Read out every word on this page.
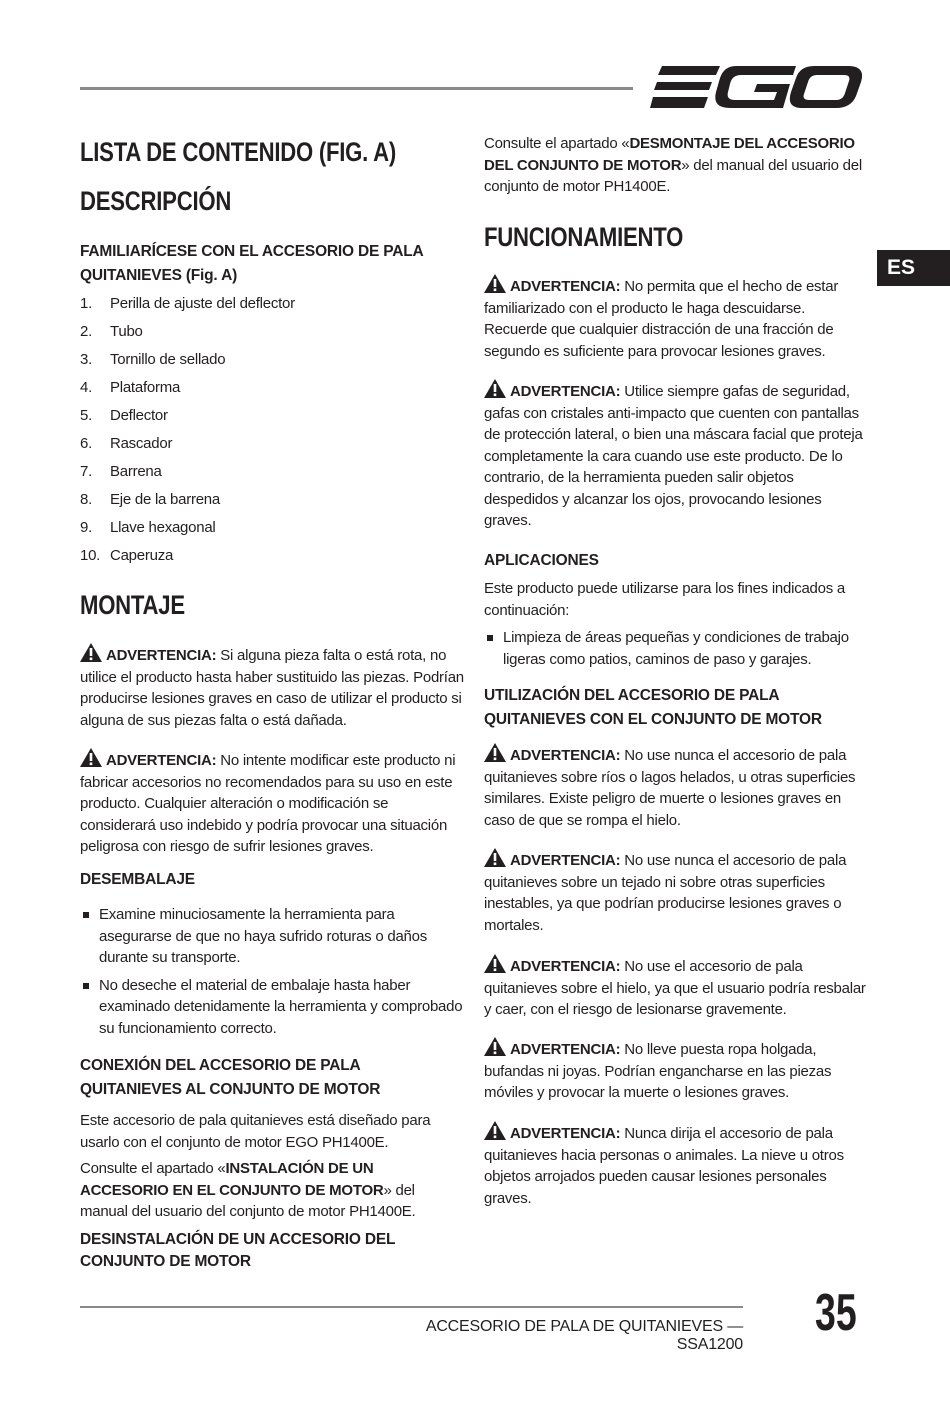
ES
LISTA DE CONTENIDO (FIG. A)
DESCRIPCIÓN
FAMILIARÍCESE CON EL ACCESORIO DE PALA QUITANIEVES (Fig. A)
1. Perilla de ajuste del deflector
2. Tubo
3. Tornillo de sellado
4. Plataforma
5. Deflector
6. Rascador
7. Barrena
8. Eje de la barrena
9. Llave hexagonal
10. Caperuza
MONTAJE
ADVERTENCIA: Si alguna pieza falta o está rota, no utilice el producto hasta haber sustituido las piezas. Podrían producirse lesiones graves en caso de utilizar el producto si alguna de sus piezas falta o está dañada.
ADVERTENCIA: No intente modificar este producto ni fabricar accesorios no recomendados para su uso en este producto. Cualquier alteración o modificación se considerará uso indebido y podría provocar una situación peligrosa con riesgo de sufrir lesiones graves.
DESEMBALAJE
Examine minuciosamente la herramienta para asegurarse de que no haya sufrido roturas o daños durante su transporte.
No deseche el material de embalaje hasta haber examinado detenidamente la herramienta y comprobado su funcionamiento correcto.
CONEXIÓN DEL ACCESORIO DE PALA QUITANIEVES AL CONJUNTO DE MOTOR
Este accesorio de pala quitanieves está diseñado para usarlo con el conjunto de motor EGO PH1400E.
Consulte el apartado «INSTALACIÓN DE UN ACCESORIO EN EL CONJUNTO DE MOTOR» del manual del usuario del conjunto de motor PH1400E.
DESINSTALACIÓN DE UN ACCESORIO DEL CONJUNTO DE MOTOR
Consulte el apartado «DESMONTAJE DEL ACCESORIO DEL CONJUNTO DE MOTOR» del manual del usuario del conjunto de motor PH1400E.
FUNCIONAMIENTO
ADVERTENCIA: No permita que el hecho de estar familiarizado con el producto le haga descuidarse. Recuerde que cualquier distracción de una fracción de segundo es suficiente para provocar lesiones graves.
ADVERTENCIA: Utilice siempre gafas de seguridad, gafas con cristales anti-impacto que cuenten con pantallas de protección lateral, o bien una máscara facial que proteja completamente la cara cuando use este producto. De lo contrario, de la herramienta pueden salir objetos despedidos y alcanzar los ojos, provocando lesiones graves.
APLICACIONES
Este producto puede utilizarse para los fines indicados a continuación:
Limpieza de áreas pequeñas y condiciones de trabajo ligeras como patios, caminos de paso y garajes.
UTILIZACIÓN DEL ACCESORIO DE PALA QUITANIEVES CON EL CONJUNTO DE MOTOR
ADVERTENCIA: No use nunca el accesorio de pala quitanieves sobre ríos o lagos helados, u otras superficies similares. Existe peligro de muerte o lesiones graves en caso de que se rompa el hielo.
ADVERTENCIA: No use nunca el accesorio de pala quitanieves sobre un tejado ni sobre otras superficies inestables, ya que podrían producirse lesiones graves o mortales.
ADVERTENCIA: No use el accesorio de pala quitanieves sobre el hielo, ya que el usuario podría resbalar y caer, con el riesgo de lesionarse gravemente.
ADVERTENCIA: No lleve puesta ropa holgada, bufandas ni joyas. Podrían engancharse en las piezas móviles y provocar la muerte o lesiones graves.
ADVERTENCIA: Nunca dirija el accesorio de pala quitanieves hacia personas o animales. La nieve u otros objetos arrojados pueden causar lesiones personales graves.
ACCESORIO DE PALA DE QUITANIEVES — SSA1200
35
